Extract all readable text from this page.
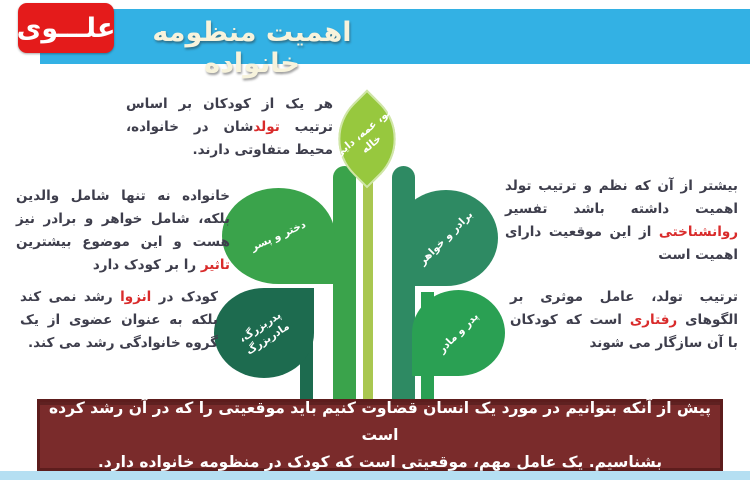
اهمیت منظومه خانواده
علـــوی
عمو، عمه، دایی و خاله
دختر و پسر	برادر و خواهر
پدربزرگ، مادربزرگ	پدر و مادر
هر یک از کودکان بر اساس ترتیب تولدشان در خانواده، محیط متفاوتی دارند.
خانواده نه تنها شامل والدین بلکه، شامل خواهر و برادر نیز هست و این موضوع بیشترین تاثیر را بر کودک دارد
کودک در انزوا رشد نمی کند بلکه به عنوان عضوی از یک گروه خانوادگی رشد می کند.
بیشتر از آن که نظم و ترتیب تولد اهمیت داشته باشد تفسیر روانشناختی از این موقعیت دارای اهمیت است
ترتیب تولد، عامل موثری بر الگوهای رفتاری است که کودکان با آن سازگار می شوند
پیش از آنکه بتوانیم در مورد یک انسان قضاوت کنیم باید موقعیتی را که در آن رشد کرده است
بشناسیم. یک عامل مهم، موقعیتی است که کودک در منظومه خانواده دارد.
